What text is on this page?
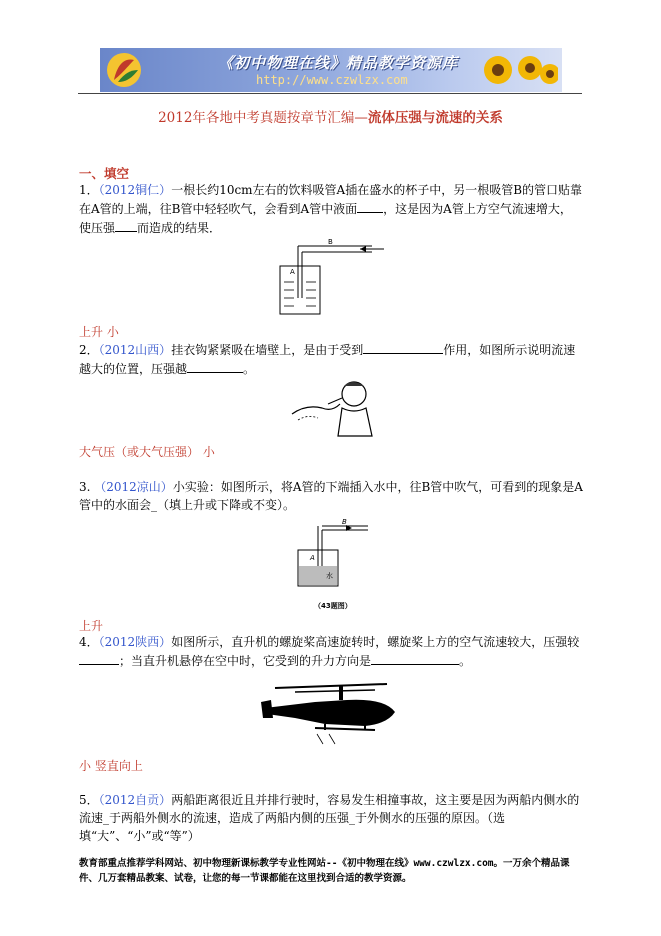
《初中物理在线》精品教学资源库
http://www.czwlzx.com
2012年各地中考真题按章节汇编—流体压强与流速的关系
一、填空

1．（2012铜仁）一根长约10cm左右的饮料吸管A插在盛水的杯子中，另一根吸管B的管口贴靠在A管的上端，往B管中轻轻吹气，会看到A管中液面 ，这是因为A管上方空气流速增大，使压强 而造成的结果．

B
A
上升 小

2．（2012山西）挂衣钩紧紧吸在墙壁上，是由于受到	作用，如图所示说明流速越大的位置，压强越	。

大气压（或大气压强） 小

3. （2012凉山）小实验：如图所示，将A管的下端插入水中，往B管中吹气，可看到的现象是A管中的水面会_（填上升或下降或不变）。

B
A
水
（43题图）
上升

4．（2012陕西）如图所示，直升机的螺旋桨高速旋转时，螺旋桨上方的空气流速较大，压强较；当直升机悬停在空中时，它受到的升力方向是	。

小 竖直向上

5．（2012自贡）两船距离很近且并排行驶时，容易发生相撞事故，这主要是因为两船内侧水的流速_于两船外侧水的流速，造成了两船内侧的压强_于外侧水的压强的原因。（选填“大”、“小”或“等”）

教育部重点推荐学科网站、初中物理新课标教学专业性网站--《初中物理在线》www.czwlzx.com。一万余个精品课件、几万套精品教案、试卷，让您的每一节课都能在这里找到合适的教学资源。
